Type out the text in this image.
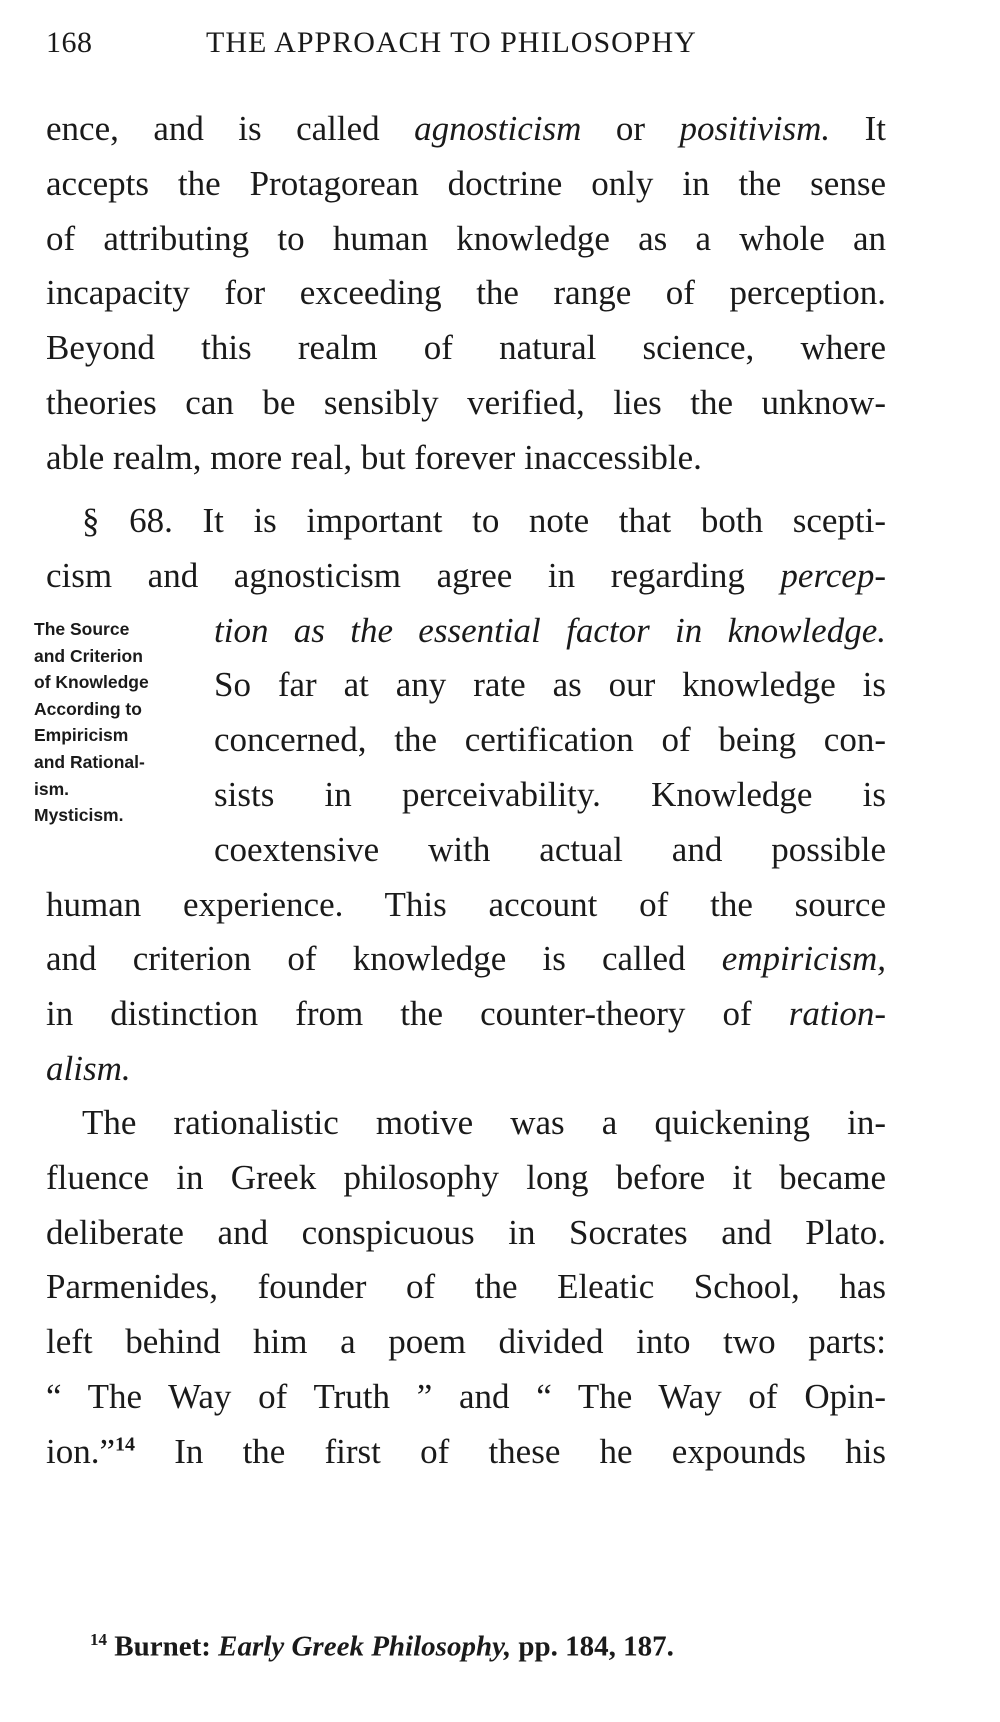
168	THE APPROACH TO PHILOSOPHY
ence, and is called agnosticism or positivism. It
accepts the Protagorean doctrine only in the sense
of attributing to human knowledge as a whole an
incapacity for exceeding the range of perception.
Beyond this realm of natural science, where
theories can be sensibly verified, lies the unknow-
able realm, more real, but forever inaccessible.
§ 68. It is important to note that both scepti-
cism and agnosticism agree in regarding percep-
tion as the essential factor in knowledge.
So far at any rate as our knowledge is
concerned, the certification of being con-
sists in perceivability. Knowledge is
coextensive with actual and possible
human experience. This account of the source
and criterion of knowledge is called empiricism,
in distinction from the counter-theory of ration-
alism.
The Source
and Criterion
of Knowledge
According to
Empiricism
and Rational-
ism.
Mysticism.
The rationalistic motive was a quickening in-
fluence in Greek philosophy long before it became
deliberate and conspicuous in Socrates and Plato.
Parmenides, founder of the Eleatic School, has
left behind him a poem divided into two parts:
“ The Way of Truth ” and “ The Way of Opin-
ion.”$^{14}$ In the first of these he expounds his
$^{14}$ Burnet: Early Greek Philosophy, pp. 184, 187.
